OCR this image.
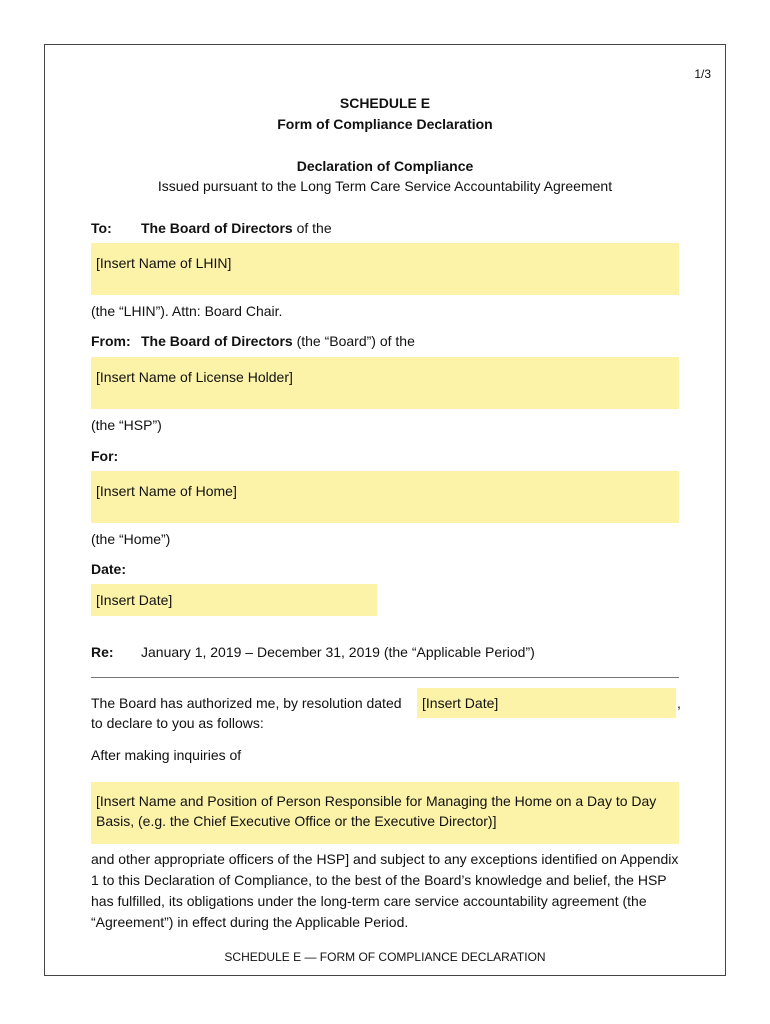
1/3
SCHEDULE E
Form of Compliance Declaration
Declaration of Compliance
Issued pursuant to the Long Term Care Service Accountability Agreement
To: The Board of Directors of the
[Insert Name of LHIN]
(the “LHIN”). Attn: Board Chair.
From: The Board of Directors (the “Board”) of the
[Insert Name of License Holder]
(the “HSP”)
For:
[Insert Name of Home]
(the “Home”)
Date:
[Insert Date]
Re: January 1, 2019 – December 31, 2019 (the “Applicable Period”)
The Board has authorized me, by resolution dated	[Insert Date]	,
to declare to you as follows:
After making inquiries of
[Insert Name and Position of Person Responsible for Managing the Home on a Day to Day Basis, (e.g. the Chief Executive Office or the Executive Director)]
and other appropriate officers of the HSP] and subject to any exceptions identified on Appendix 1 to this Declaration of Compliance, to the best of the Board’s knowledge and belief, the HSP has fulfilled, its obligations under the long-term care service accountability agreement (the “Agreement”) in effect during the Applicable Period.
SCHEDULE E — FORM OF COMPLIANCE DECLARATION
